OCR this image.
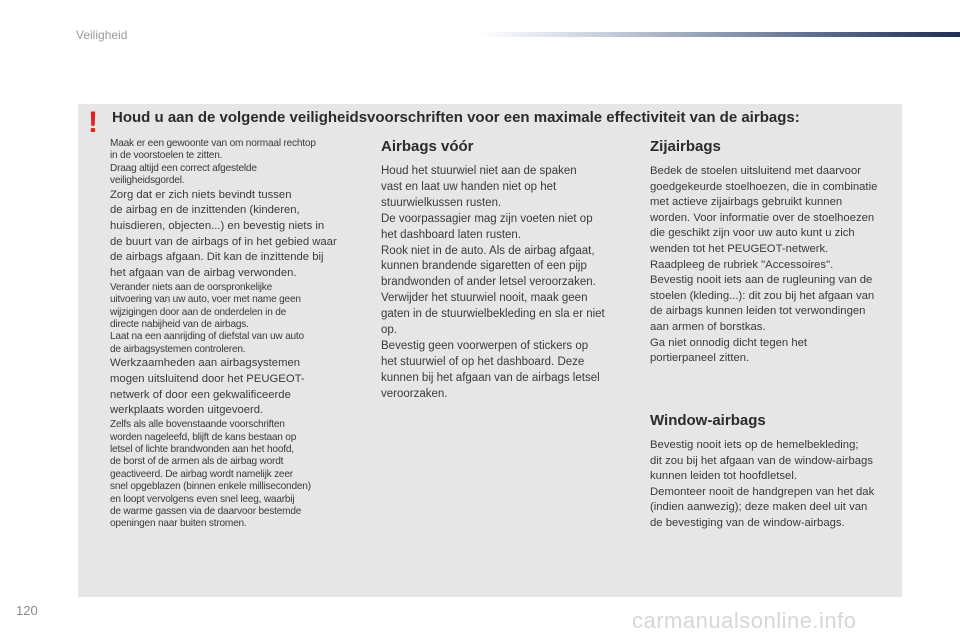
Veiligheid
! Houd u aan de volgende veiligheidsvoorschriften voor een maximale effectiviteit van de airbags:
Maak er een gewoonte van om normaal rechtop
in de voorstoelen te zitten.
Draag altijd een correct afgestelde
veiligheidsgordel.
Zorg dat er zich niets bevindt tussen
de airbag en de inzittenden (kinderen,
huisdieren, objecten...) en bevestig niets in
de buurt van de airbags of in het gebied waar
de airbags afgaan. Dit kan de inzittende bij
het afgaan van de airbag verwonden.
Verander niets aan de oorspronkelijke
uitvoering van uw auto, voer met name geen
wijzigingen door aan de onderdelen in de
directe nabijheid van de airbags.
Laat na een aanrijding of diefstal van uw auto
de airbagsystemen controleren.
Werkzaamheden aan airbagsystemen
mogen uitsluitend door het PEUGEOT-
netwerk of door een gekwalificeerde
werkplaats worden uitgevoerd.
Zelfs als alle bovenstaande voorschriften
worden nageleefd, blijft de kans bestaan op
letsel of lichte brandwonden aan het hoofd,
de borst of de armen als de airbag wordt
geactiveerd. De airbag wordt namelijk zeer
snel opgeblazen (binnen enkele milliseconden)
en loopt vervolgens even snel leeg, waarbij
de warme gassen via de daarvoor bestemde
openingen naar buiten stromen.
Airbags vóór
Houd het stuurwiel niet aan de spaken
vast en laat uw handen niet op het
stuurwielkussen rusten.
De voorpassagier mag zijn voeten niet op
het dashboard laten rusten.
Rook niet in de auto. Als de airbag afgaat,
kunnen brandende sigaretten of een pijp
brandwonden of ander letsel veroorzaken.
Verwijder het stuurwiel nooit, maak geen
gaten in de stuurwielbekleding en sla er niet
op.
Bevestig geen voorwerpen of stickers op
het stuurwiel of op het dashboard. Deze
kunnen bij het afgaan van de airbags letsel
veroorzaken.
Zijairbags
Bedek de stoelen uitsluitend met daarvoor
goedgekeurde stoelhoezen, die in combinatie
met actieve zijairbags gebruikt kunnen
worden. Voor informatie over de stoelhoezen
die geschikt zijn voor uw auto kunt u zich
wenden tot het PEUGEOT-netwerk.
Raadpleeg de rubriek "Accessoires".
Bevestig nooit iets aan de rugleuning van de
stoelen (kleding...): dit zou bij het afgaan van
de airbags kunnen leiden tot verwondingen
aan armen of borstkas.
Ga niet onnodig dicht tegen het
portierpaneel zitten.
Window-airbags
Bevestig nooit iets op de hemelbekleding;
dit zou bij het afgaan van de window-airbags
kunnen leiden tot hoofdletsel.
Demonteer nooit de handgrepen van het dak
(indien aanwezig); deze maken deel uit van
de bevestiging van de window-airbags.
120	carmanualsonline.info
